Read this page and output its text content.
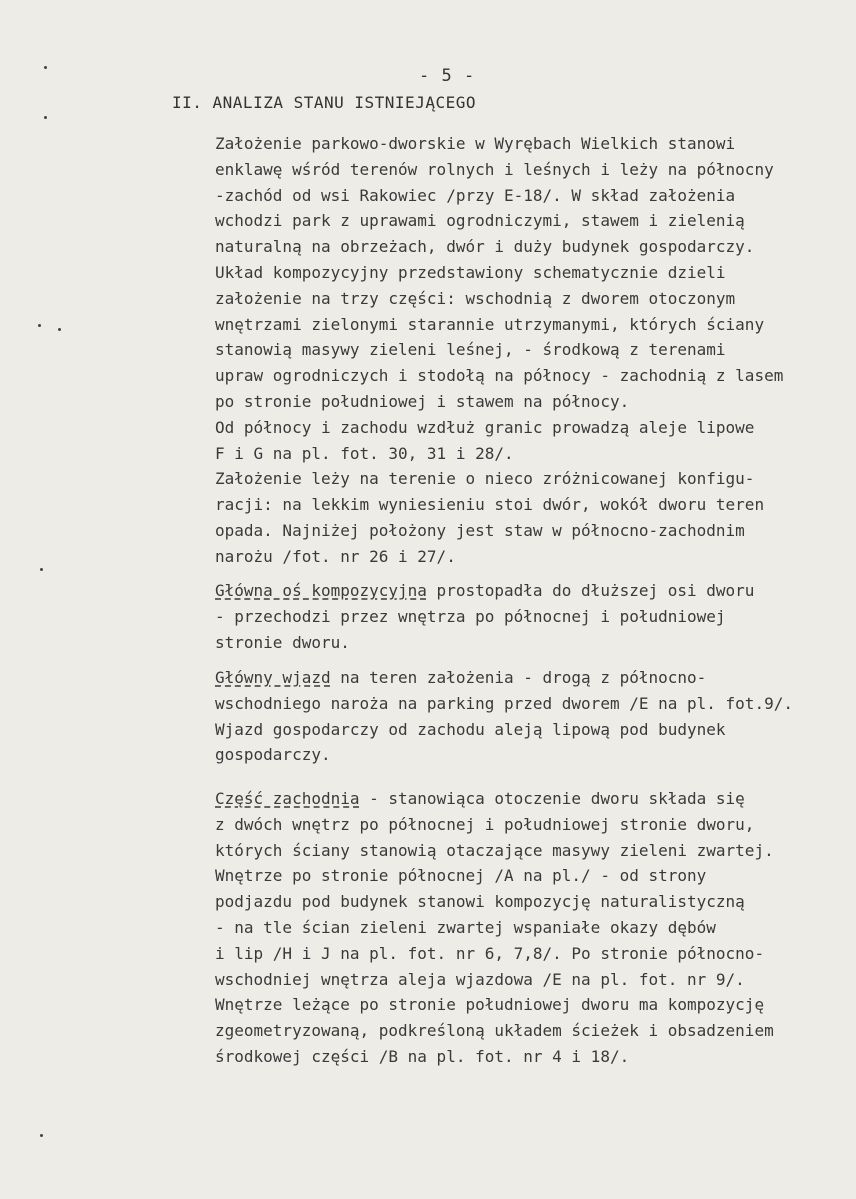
- 5 -
II. ANALIZA STANU ISTNIEJĄCEGO
Założenie parkowo-dworskie w Wyrębach Wielkich stanowi
enklawę wśród terenów rolnych i leśnych i leży na północny
-zachód od wsi Rakowiec /przy E-18/. W skład założenia
wchodzi park z uprawami ogrodniczymi, stawem i zielenią
naturalną na obrzeżach, dwór i duży budynek gospodarczy.
Układ kompozycyjny przedstawiony schematycznie dzieli
założenie na trzy części: wschodnią z dworem otoczonym
wnętrzami zielonymi starannie utrzymanymi, których ściany
stanowią masywy zieleni leśnej, - środkową z terenami
upraw ogrodniczych i stodołą na północy - zachodnią z lasem
po stronie południowej i stawem na północy.
Od północy i zachodu wzdłuż granic prowadzą aleje lipowe
F i G na pl. fot. 30, 31 i 28/.
Założenie leży na terenie o nieco zróżnicowanej konfigu-
racji: na lekkim wyniesieniu stoi dwór, wokół dworu teren
opada. Najniżej położony jest staw w północno-zachodnim
narożu /fot. nr 26 i 27/.
Główna oś kompozycyjna prostopadła do dłuższej osi dworu
- przechodzi przez wnętrza po północnej i południowej
stronie dworu.
Główny wjazd na teren założenia - drogą z północno-
wschodniego naroża na parking przed dworem /E na pl. fot.9/.
Wjazd gospodarczy od zachodu aleją lipową pod budynek
gospodarczy.
Część zachodnia - stanowiąca otoczenie dworu składa się
z dwóch wnętrz po północnej i południowej stronie dworu,
których ściany stanowią otaczające masywy zieleni zwartej.
Wnętrze po stronie północnej /A na pl./ - od strony
podjazdu pod budynek stanowi kompozycję naturalistyczną
- na tle ścian zieleni zwartej wspaniałe okazy dębów
i lip /H i J na pl. fot. nr 6, 7,8/. Po stronie północno-
wschodniej wnętrza aleja wjazdowa /E na pl. fot. nr 9/.
Wnętrze leżące po stronie południowej dworu ma kompozycję
zgeometryzowaną, podkreśloną układem ścieżek i obsadzeniem
środkowej części /B na pl. fot. nr 4 i 18/.
